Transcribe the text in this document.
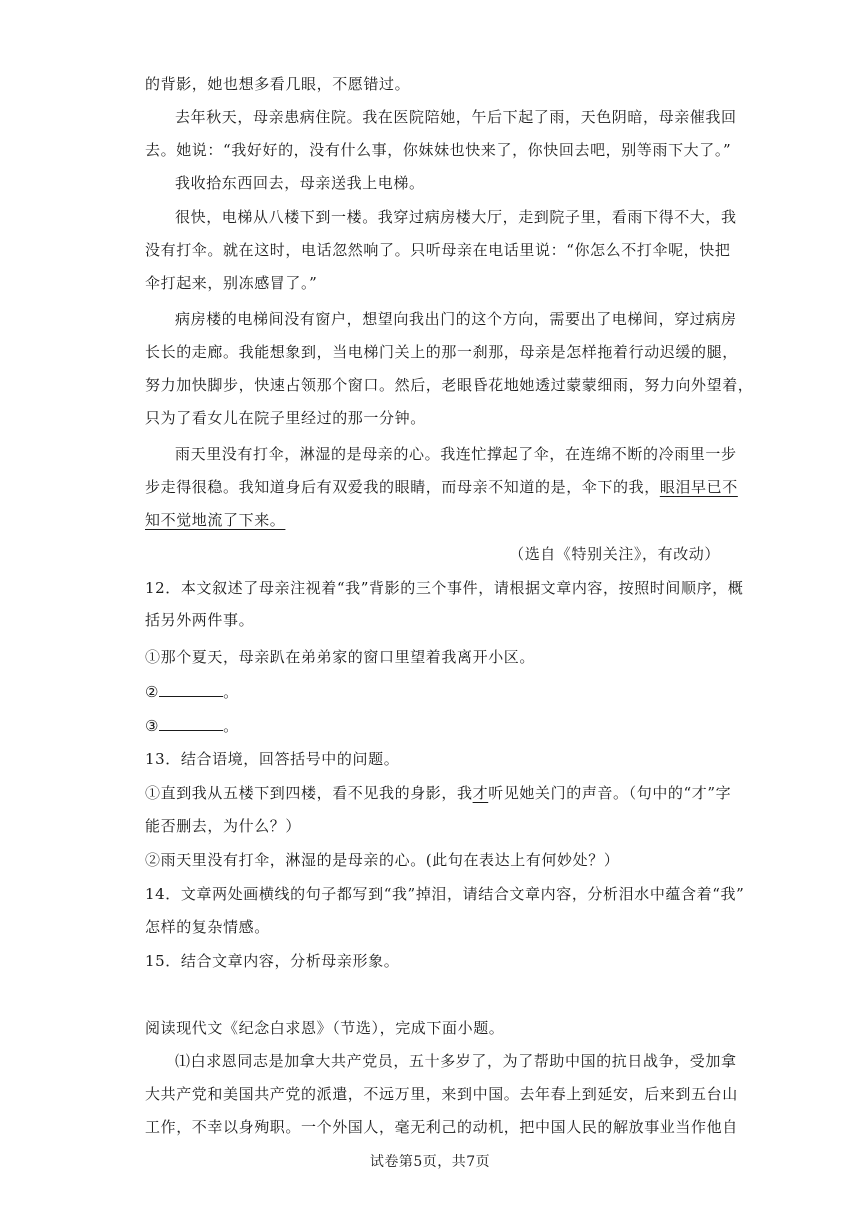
的背影，她也想多看几眼，不愿错过。
去年秋天，母亲患病住院。我在医院陪她，午后下起了雨，天色阴暗，母亲催我回
去。她说：“我好好的，没有什么事，你妹妹也快来了，你快回去吧，别等雨下大了。”
我收拾东西回去，母亲送我上电梯。
很快，电梯从八楼下到一楼。我穿过病房楼大厅，走到院子里，看雨下得不大，我
没有打伞。就在这时，电话忽然响了。只听母亲在电话里说：“你怎么不打伞呢，快把
伞打起来，别冻感冒了。”
病房楼的电梯间没有窗户，想望向我出门的这个方向，需要出了电梯间，穿过病房
长长的走廊。我能想象到，当电梯门关上的那一刹那，母亲是怎样拖着行动迟缓的腿，
努力加快脚步，快速占领那个窗口。然后，老眼昏花地她透过蒙蒙细雨，努力向外望着，
只为了看女儿在院子里经过的那一分钟。
雨天里没有打伞，淋湿的是母亲的心。我连忙撑起了伞，在连绵不断的冷雨里一步
步走得很稳。我知道身后有双爱我的眼睛，而母亲不知道的是，伞下的我，眼泪早已不
知不觉地流了下来。
（选自《特别关注》，有改动）
12．本文叙述了母亲注视着“我”背影的三个事件，请根据文章内容，按照时间顺序，概
括另外两件事。
①那个夏天，母亲趴在弟弟家的窗口里望着我离开小区。
②	。
③	。
13．结合语境，回答括号中的问题。
①直到我从五楼下到四楼，看不见我的身影，我才听见她关门的声音。（句中的“才”字
能否删去，为什么？）
②雨天里没有打伞，淋湿的是母亲的心。(此句在表达上有何妙处？）
14．文章两处画横线的句子都写到“我”掉泪，请结合文章内容，分析泪水中蕴含着“我”
怎样的复杂情感。
15．结合文章内容，分析母亲形象。
阅读现代文《纪念白求恩》（节选），完成下面小题。
⑴白求恩同志是加拿大共产党员，五十多岁了，为了帮助中国的抗日战争，受加拿
大共产党和美国共产党的派遣，不远万里，来到中国。去年春上到延安，后来到五台山
工作，不幸以身殉职。一个外国人，毫无利己的动机，把中国人民的解放事业当作他自
试卷第5页，共7页
